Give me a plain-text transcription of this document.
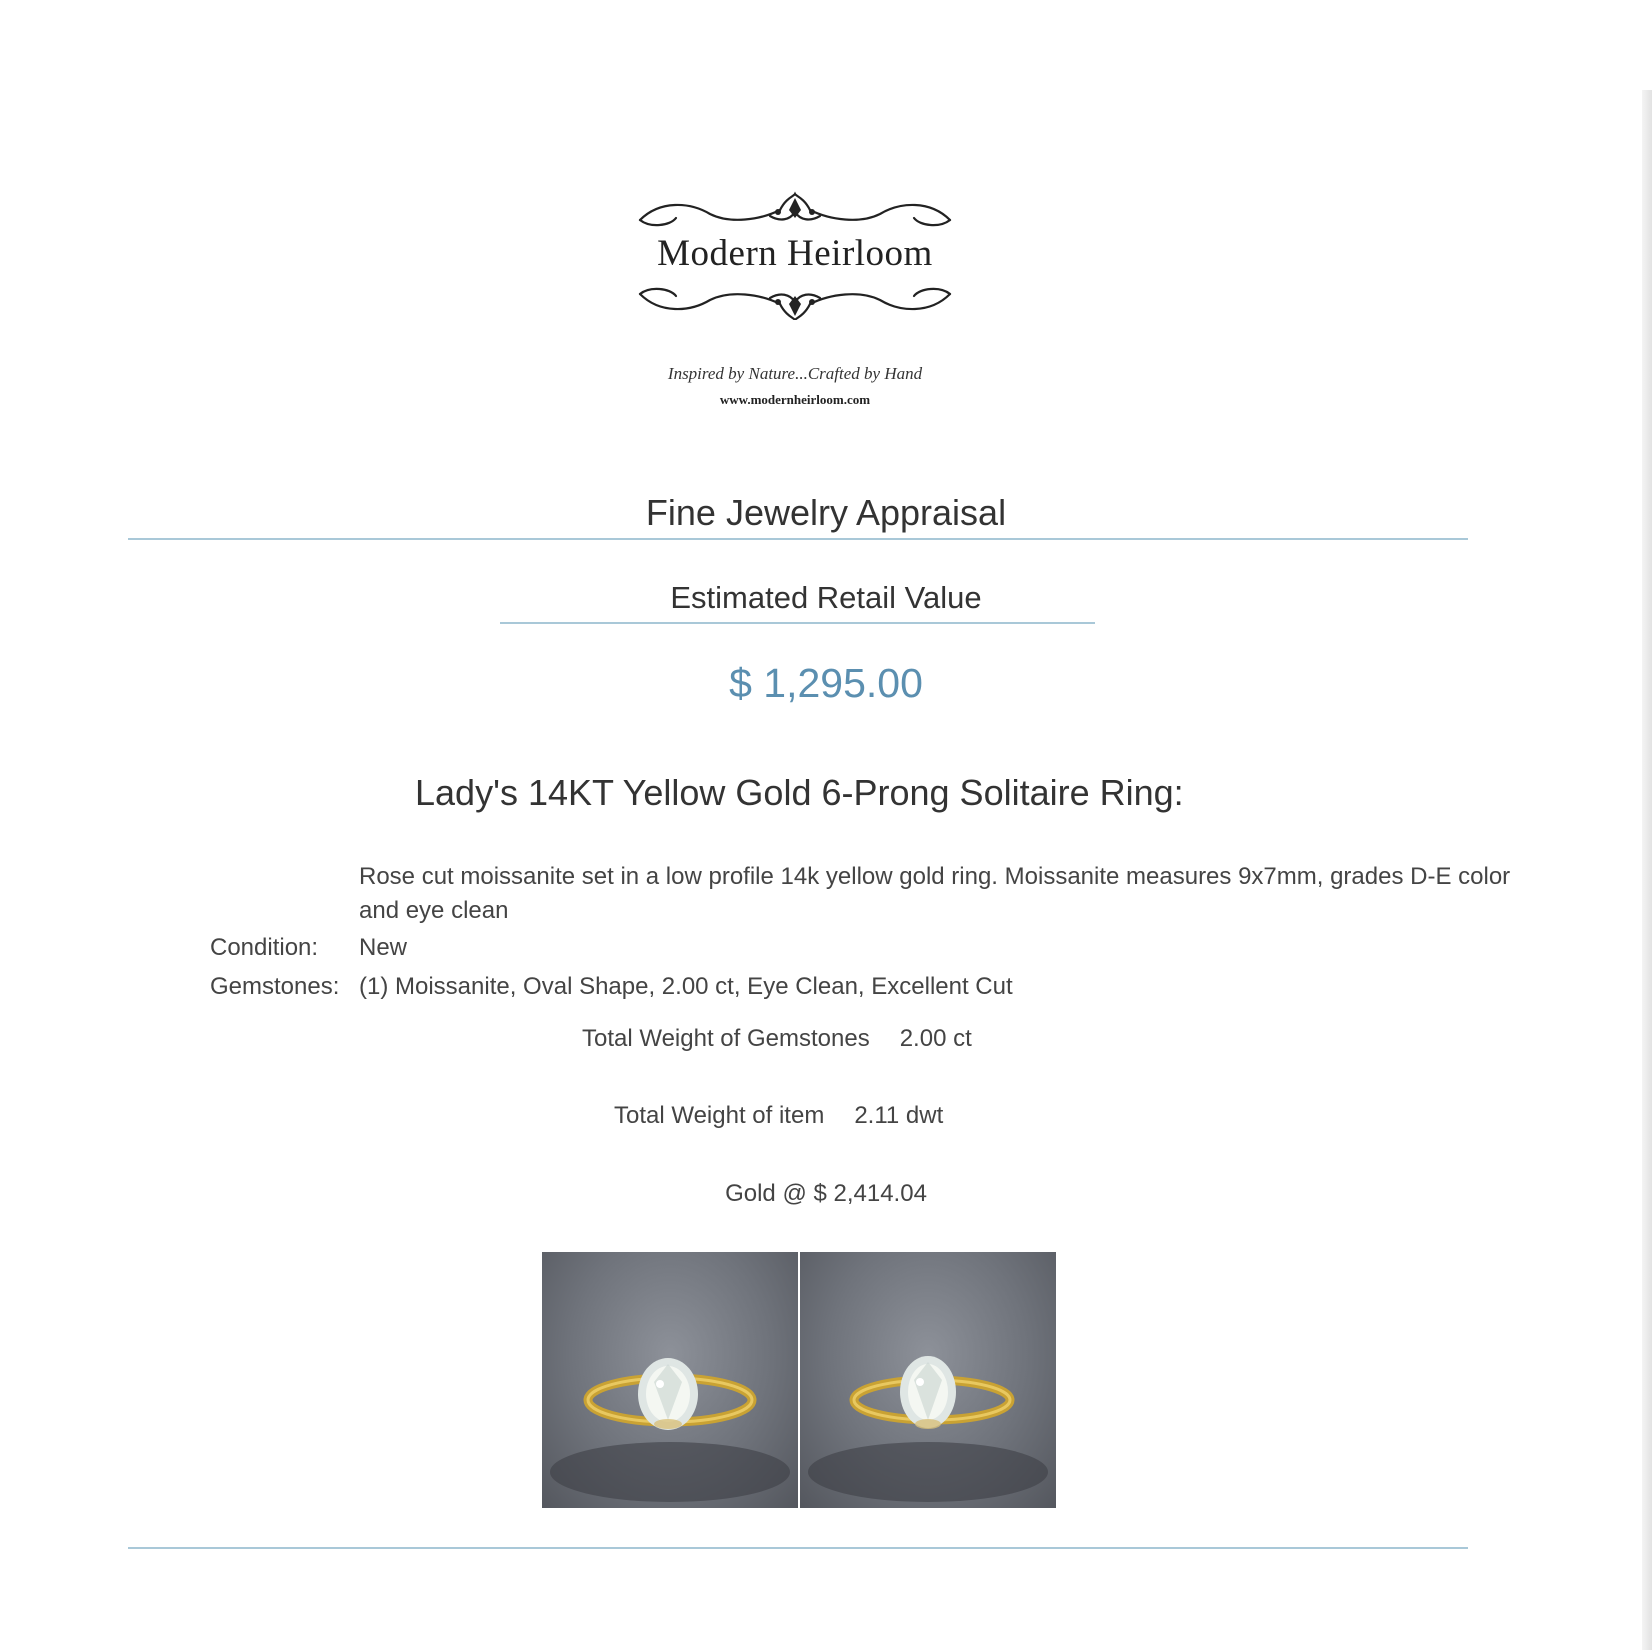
Modern Heirloom
Inspired by Nature...Crafted by Hand
www.modernheirloom.com
Fine Jewelry Appraisal
Estimated Retail Value
$ 1,295.00
Lady's 14KT Yellow Gold 6-Prong Solitaire Ring:
Rose cut moissanite set in a low profile 14k yellow gold ring. Moissanite measures 9x7mm, grades D-E color and eye clean
Condition: New
Gemstones: (1) Moissanite, Oval Shape, 2.00 ct, Eye Clean, Excellent Cut
Total Weight of Gemstones 2.00 ct
Total Weight of item 2.11 dwt
Gold @ $ 2,414.04
